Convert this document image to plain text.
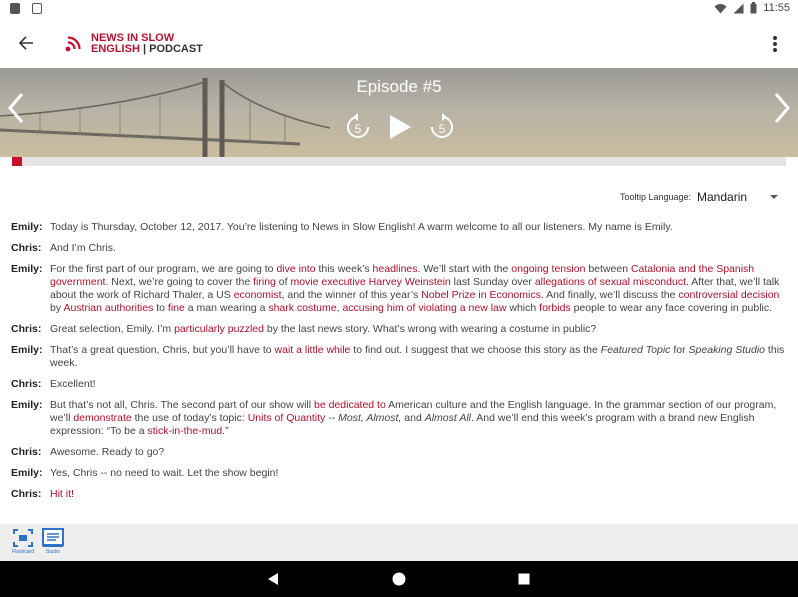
11:55
NEWS IN SLOW
ENGLISH | PODCAST
Episode #5
5	5
Tooltip Language: Mandarin
Emily: Today is Thursday, October 12, 2017. You’re listening to News in Slow English! A warm welcome to all our listeners. My name is Emily.
Chris: And I’m Chris.
Emily: For the first part of our program, we are going to dive into this week’s headlines. We’ll start with the ongoing tension between Catalonia and the Spanish government. Next, we’re going to cover the firing of movie executive Harvey Weinstein last Sunday over allegations of sexual misconduct. After that, we’ll talk about the work of Richard Thaler, a US economist, and the winner of this year’s Nobel Prize in Economics. And finally, we’ll discuss the controversial decision by Austrian authorities to fine a man wearing a shark costume, accusing him of violating a new law which forbids people to wear any face covering in public.
Chris: Great selection, Emily. I’m particularly puzzled by the last news story. What’s wrong with wearing a costume in public?
Emily: That’s a great question, Chris, but you’ll have to wait a little while to find out. I suggest that we choose this story as the Featured Topic for Speaking Studio this week.
Chris: Excellent!
Emily: But that’s not all, Chris. The second part of our show will be dedicated to American culture and the English language. In the grammar section of our program, we’ll demonstrate the use of today’s topic: Units of Quantity -- Most, Almost, and Almost All. And we’ll end this week’s program with a brand new English expression: “To be a stick-in-the-mud.”
Chris: Awesome. Ready to go?
Emily: Yes, Chris -- no need to wait. Let the show begin!
Chris: Hit it!
Flashcard Studio
